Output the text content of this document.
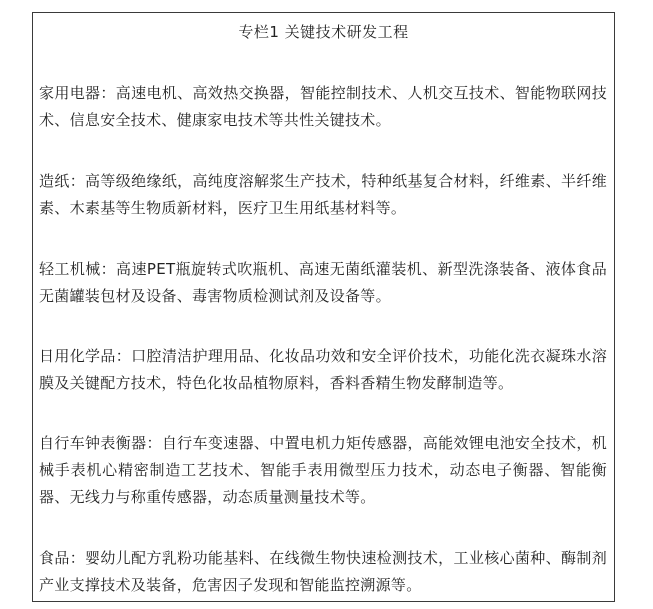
专栏1 关键技术研发工程

家用电器：高速电机、高效热交换器，智能控制技术、人机交互技术、智能物联网技术、信息安全技术、健康家电技术等共性关键技术。

造纸：高等级绝缘纸，高纯度溶解浆生产技术，特种纸基复合材料，纤维素、半纤维素、木素基等生物质新材料，医疗卫生用纸基材料等。

轻工机械：高速PET瓶旋转式吹瓶机、高速无菌纸灌装机、新型洗涤装备、液体食品无菌罐装包材及设备、毒害物质检测试剂及设备等。

日用化学品：口腔清洁护理用品、化妆品功效和安全评价技术，功能化洗衣凝珠水溶膜及关键配方技术，特色化妆品植物原料，香料香精生物发酵制造等。

自行车钟表衡器：自行车变速器、中置电机力矩传感器，高能效锂电池安全技术，机械手表机心精密制造工艺技术、智能手表用微型压力技术，动态电子衡器、智能衡器、无线力与称重传感器，动态质量测量技术等。

食品：婴幼儿配方乳粉功能基料、在线微生物快速检测技术，工业核心菌种、酶制剂产业支撑技术及装备，危害因子发现和智能监控溯源等。
